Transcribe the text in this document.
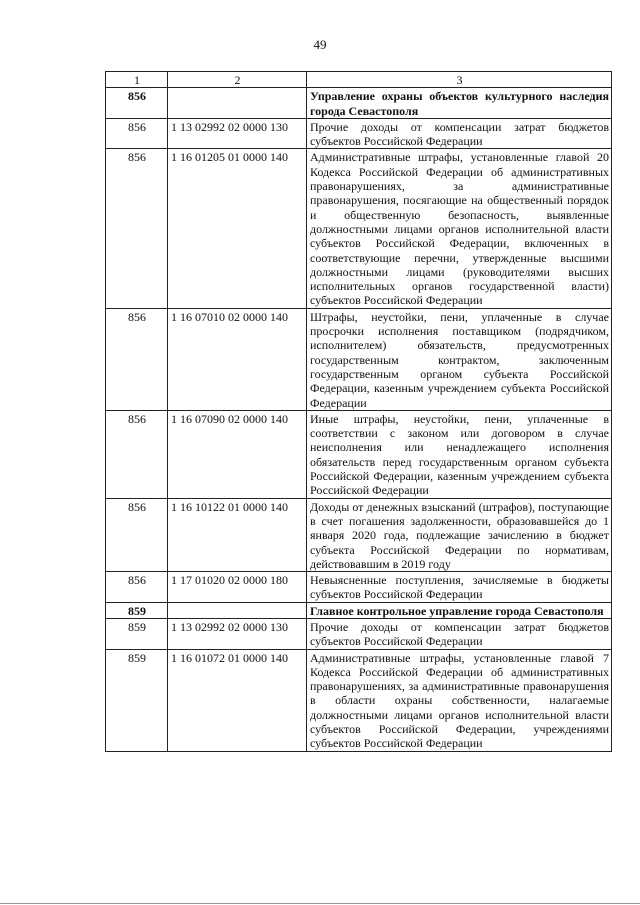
49
1	2	3
856		Управление охраны объектов культурного наследия города Севастополя
856	1 13 02992 02 0000 130	Прочие доходы от компенсации затрат бюджетов субъектов Российской Федерации
856	1 16 01205 01 0000 140	Административные штрафы, установленные главой 20 Кодекса Российской Федерации об административных правонарушениях, за административные правонарушения, посягающие на общественный порядок и общественную безопасность, выявленные должностными лицами органов исполнительной власти субъектов Российской Федерации, включенных в соответствующие перечни, утвержденные высшими должностными лицами (руководителями высших исполнительных органов государственной власти) субъектов Российской Федерации
856	1 16 07010 02 0000 140	Штрафы, неустойки, пени, уплаченные в случае просрочки исполнения поставщиком (подрядчиком, исполнителем) обязательств, предусмотренных государственным контрактом, заключенным государственным органом субъекта Российской Федерации, казенным учреждением субъекта Российской Федерации
856	1 16 07090 02 0000 140	Иные штрафы, неустойки, пени, уплаченные в соответствии с законом или договором в случае неисполнения или ненадлежащего исполнения обязательств перед государственным органом субъекта Российской Федерации, казенным учреждением субъекта Российской Федерации
856	1 16 10122 01 0000 140	Доходы от денежных взысканий (штрафов), поступающие в счет погашения задолженности, образовавшейся до 1 января 2020 года, подлежащие зачислению в бюджет субъекта Российской Федерации по нормативам, действовавшим в 2019 году
856	1 17 01020 02 0000 180	Невыясненные поступления, зачисляемые в бюджеты субъектов Российской Федерации
859		Главное контрольное управление города Севастополя
859	1 13 02992 02 0000 130	Прочие доходы от компенсации затрат бюджетов субъектов Российской Федерации
859	1 16 01072 01 0000 140	Административные штрафы, установленные главой 7 Кодекса Российской Федерации об административных правонарушениях, за административные правонарушения в области охраны собственности, налагаемые должностными лицами органов исполнительной власти субъектов Российской Федерации, учреждениями субъектов Российской Федерации
